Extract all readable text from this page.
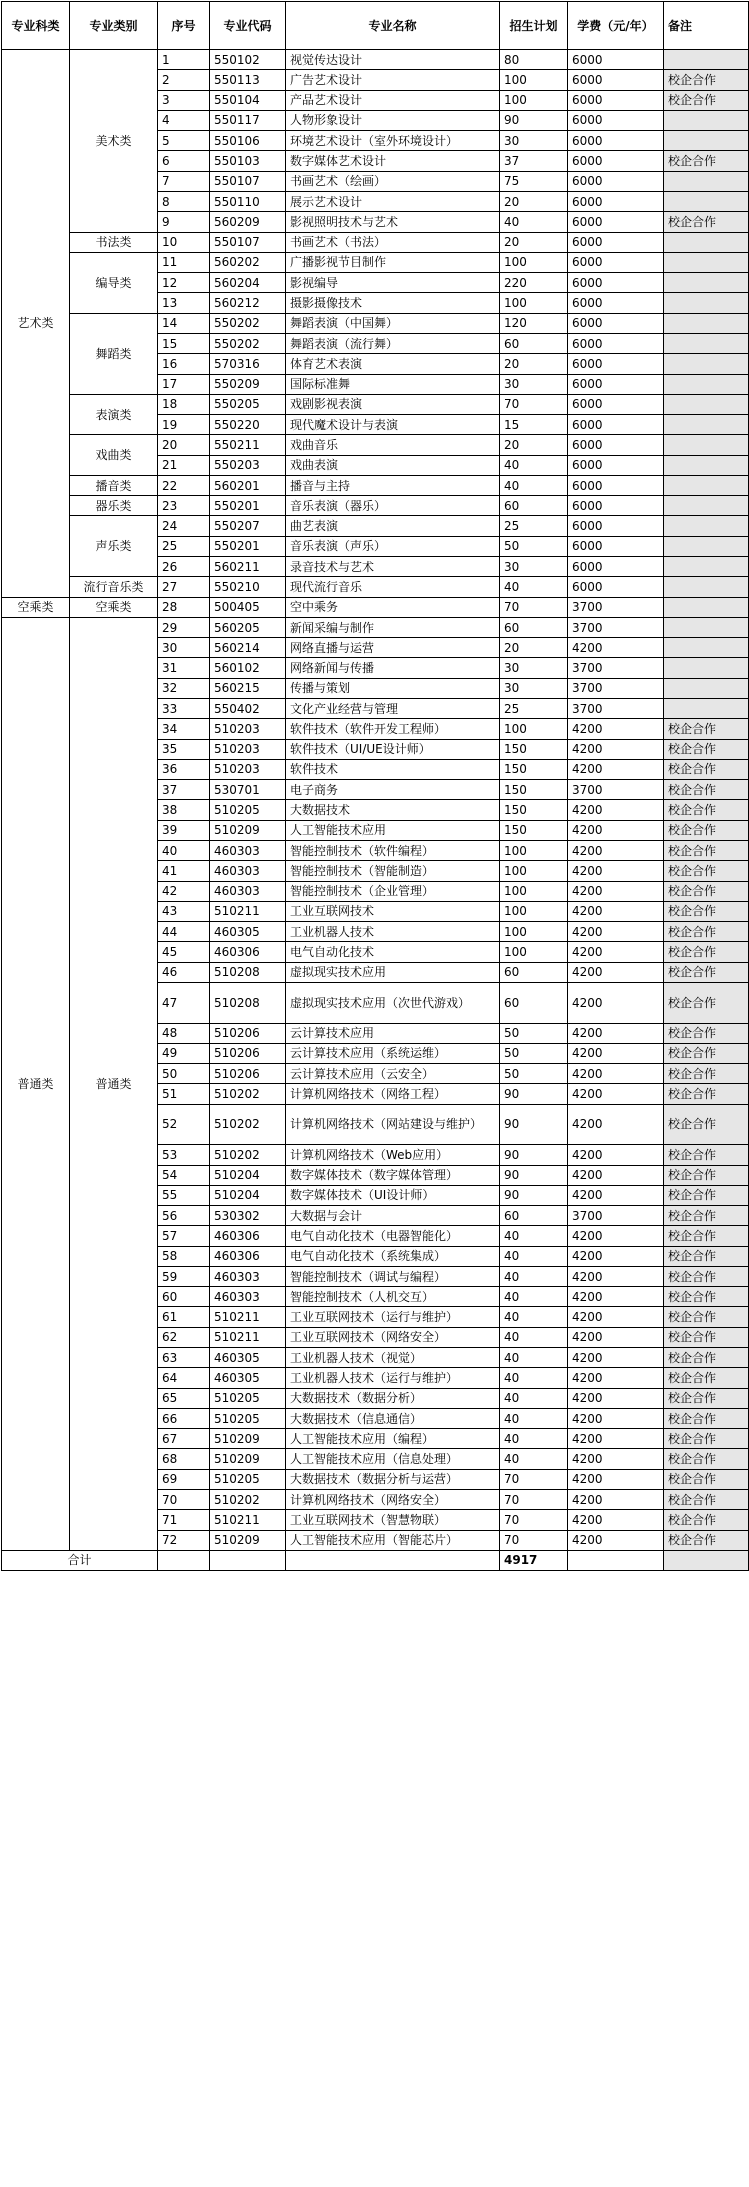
专业科类	专业类别	序号	专业代码	专业名称	招生计划	学费（元/年）	备注
艺术类	美术类	1	550102	视觉传达设计	80	6000	
		2	550113	广告艺术设计	100	6000	校企合作
		3	550104	产品艺术设计	100	6000	校企合作
		4	550117	人物形象设计	90	6000	
		5	550106	环境艺术设计（室外环境设计）	30	6000	
		6	550103	数字媒体艺术设计	37	6000	校企合作
		7	550107	书画艺术（绘画）	75	6000	
		8	550110	展示艺术设计	20	6000	
		9	560209	影视照明技术与艺术	40	6000	校企合作
	书法类	10	550107	书画艺术（书法）	20	6000	
	编导类	11	560202	广播影视节目制作	100	6000	
		12	560204	影视编导	220	6000	
		13	560212	摄影摄像技术	100	6000	
	舞蹈类	14	550202	舞蹈表演（中国舞）	120	6000	
		15	550202	舞蹈表演（流行舞）	60	6000	
		16	570316	体育艺术表演	20	6000	
		17	550209	国际标准舞	30	6000	
	表演类	18	550205	戏剧影视表演	70	6000	
		19	550220	现代魔术设计与表演	15	6000	
	戏曲类	20	550211	戏曲音乐	20	6000	
		21	550203	戏曲表演	40	6000	
	播音类	22	560201	播音与主持	40	6000	
	器乐类	23	550201	音乐表演（器乐）	60	6000	
	声乐类	24	550207	曲艺表演	25	6000	
		25	550201	音乐表演（声乐）	50	6000	
		26	560211	录音技术与艺术	30	6000	
	流行音乐类	27	550210	现代流行音乐	40	6000	
空乘类	空乘类	28	500405	空中乘务	70	3700	
普通类	普通类	29	560205	新闻采编与制作	60	3700	
		30	560214	网络直播与运营	20	4200	
		31	560102	网络新闻与传播	30	3700	
		32	560215	传播与策划	30	3700	
		33	550402	文化产业经营与管理	25	3700	
		34	510203	软件技术（软件开发工程师）	100	4200	校企合作
		35	510203	软件技术（UI/UE设计师）	150	4200	校企合作
		36	510203	软件技术	150	4200	校企合作
		37	530701	电子商务	150	3700	校企合作
		38	510205	大数据技术	150	4200	校企合作
		39	510209	人工智能技术应用	150	4200	校企合作
		40	460303	智能控制技术（软件编程）	100	4200	校企合作
		41	460303	智能控制技术（智能制造）	100	4200	校企合作
		42	460303	智能控制技术（企业管理）	100	4200	校企合作
		43	510211	工业互联网技术	100	4200	校企合作
		44	460305	工业机器人技术	100	4200	校企合作
		45	460306	电气自动化技术	100	4200	校企合作
		46	510208	虚拟现实技术应用	60	4200	校企合作
		47	510208	虚拟现实技术应用（次世代游戏）	60	4200	校企合作
		48	510206	云计算技术应用	50	4200	校企合作
		49	510206	云计算技术应用（系统运维）	50	4200	校企合作
		50	510206	云计算技术应用（云安全）	50	4200	校企合作
		51	510202	计算机网络技术（网络工程）	90	4200	校企合作
		52	510202	计算机网络技术（网站建设与维护）	90	4200	校企合作
		53	510202	计算机网络技术（Web应用）	90	4200	校企合作
		54	510204	数字媒体技术（数字媒体管理）	90	4200	校企合作
		55	510204	数字媒体技术（UI设计师）	90	4200	校企合作
		56	530302	大数据与会计	60	3700	校企合作
		57	460306	电气自动化技术（电器智能化）	40	4200	校企合作
		58	460306	电气自动化技术（系统集成）	40	4200	校企合作
		59	460303	智能控制技术（调试与编程）	40	4200	校企合作
		60	460303	智能控制技术（人机交互）	40	4200	校企合作
		61	510211	工业互联网技术（运行与维护）	40	4200	校企合作
		62	510211	工业互联网技术（网络安全）	40	4200	校企合作
		63	460305	工业机器人技术（视觉）	40	4200	校企合作
		64	460305	工业机器人技术（运行与维护）	40	4200	校企合作
		65	510205	大数据技术（数据分析）	40	4200	校企合作
		66	510205	大数据技术（信息通信）	40	4200	校企合作
		67	510209	人工智能技术应用（编程）	40	4200	校企合作
		68	510209	人工智能技术应用（信息处理）	40	4200	校企合作
		69	510205	大数据技术（数据分析与运营）	70	4200	校企合作
		70	510202	计算机网络技术（网络安全）	70	4200	校企合作
		71	510211	工业互联网技术（智慧物联）	70	4200	校企合作
		72	510209	人工智能技术应用（智能芯片）	70	4200	校企合作
合计					4917		
